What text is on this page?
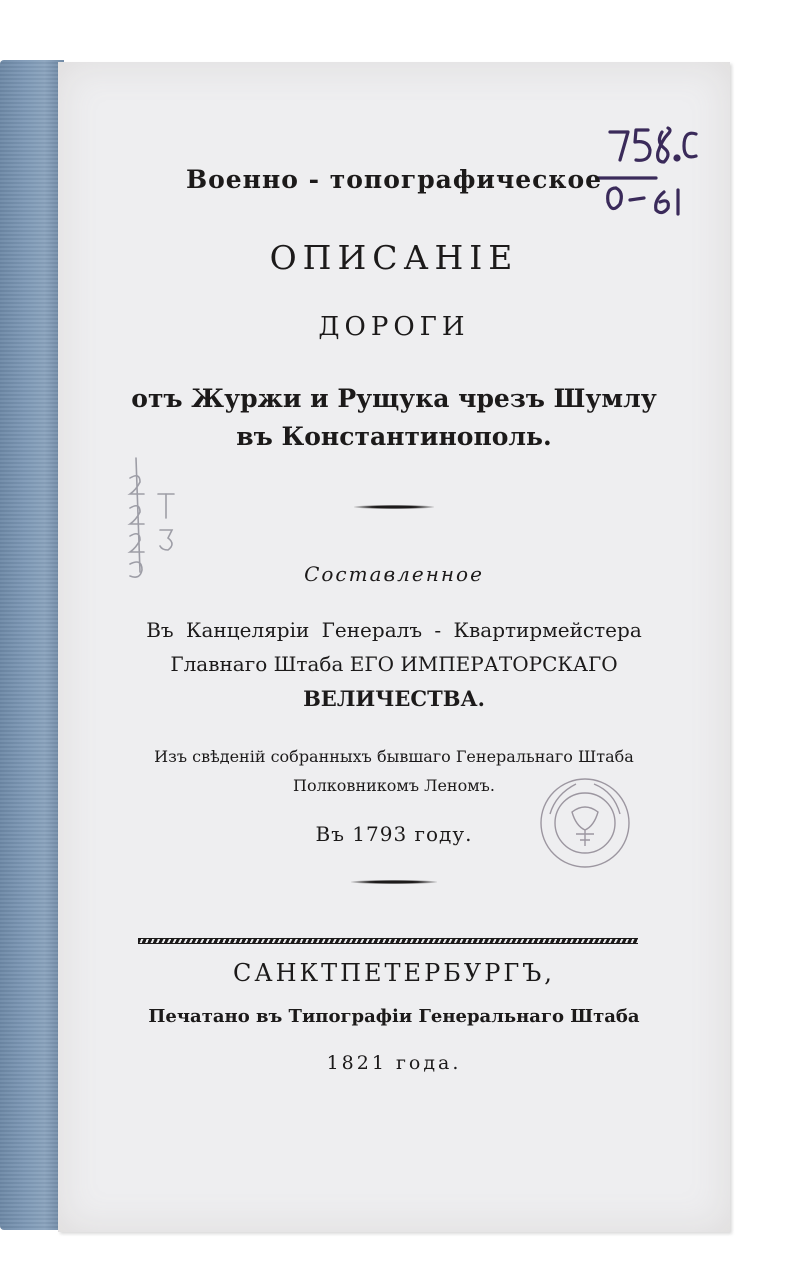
Военно - топографическое
ОПИСАНІЕ
ДОРОГИ
отъ Журжи и Рущука чрезъ Шумлу
въ Константинополь.
Составленное
Въ Канцеляріи Генералъ - Квартирмейстера
Главнаго Штаба ЕГО ИМПЕРАТОРСКАГО
ВЕЛИЧЕСТВА.
Изъ свѣденій собранныхъ бывшаго Генеральнаго Штаба
Полковникомъ Леномъ.
Въ 1793 году.
САНКТПЕТЕРБУРГЪ,
Печатано въ Типографіи Генеральнаго Штаба
1821 года.
